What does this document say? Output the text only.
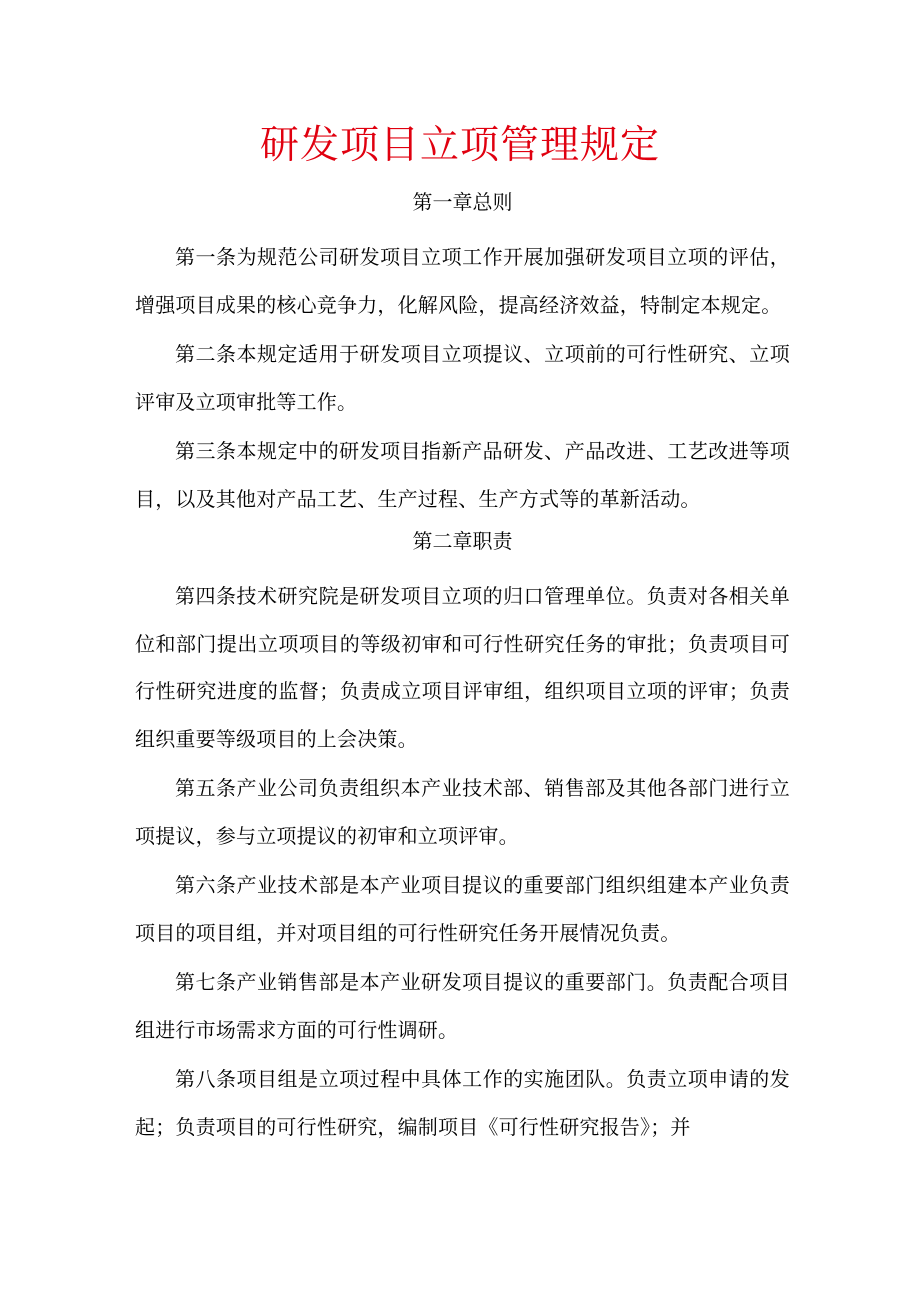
研发项目立项管理规定
第一章总则

第一条为规范公司研发项目立项工作开展加强研发项目立项的评估，增强项目成果的核心竞争力，化解风险，提高经济效益，特制定本规定。

第二条本规定适用于研发项目立项提议、立项前的可行性研究、立项评审及立项审批等工作。

第三条本规定中的研发项目指新产品研发、产品改进、工艺改进等项目，以及其他对产品工艺、生产过程、生产方式等的革新活动。

第二章职责

第四条技术研究院是研发项目立项的归口管理单位。负责对各相关单位和部门提出立项项目的等级初审和可行性研究任务的审批；负责项目可行性研究进度的监督；负责成立项目评审组，组织项目立项的评审；负责组织重要等级项目的上会决策。

第五条产业公司负责组织本产业技术部、销售部及其他各部门进行立项提议，参与立项提议的初审和立项评审。

第六条产业技术部是本产业项目提议的重要部门组织组建本产业负责项目的项目组，并对项目组的可行性研究任务开展情况负责。

第七条产业销售部是本产业研发项目提议的重要部门。负责配合项目组进行市场需求方面的可行性调研。

第八条项目组是立项过程中具体工作的实施团队。负责立项申请的发起；负责项目的可行性研究，编制项目《可行性研究报告》；并
